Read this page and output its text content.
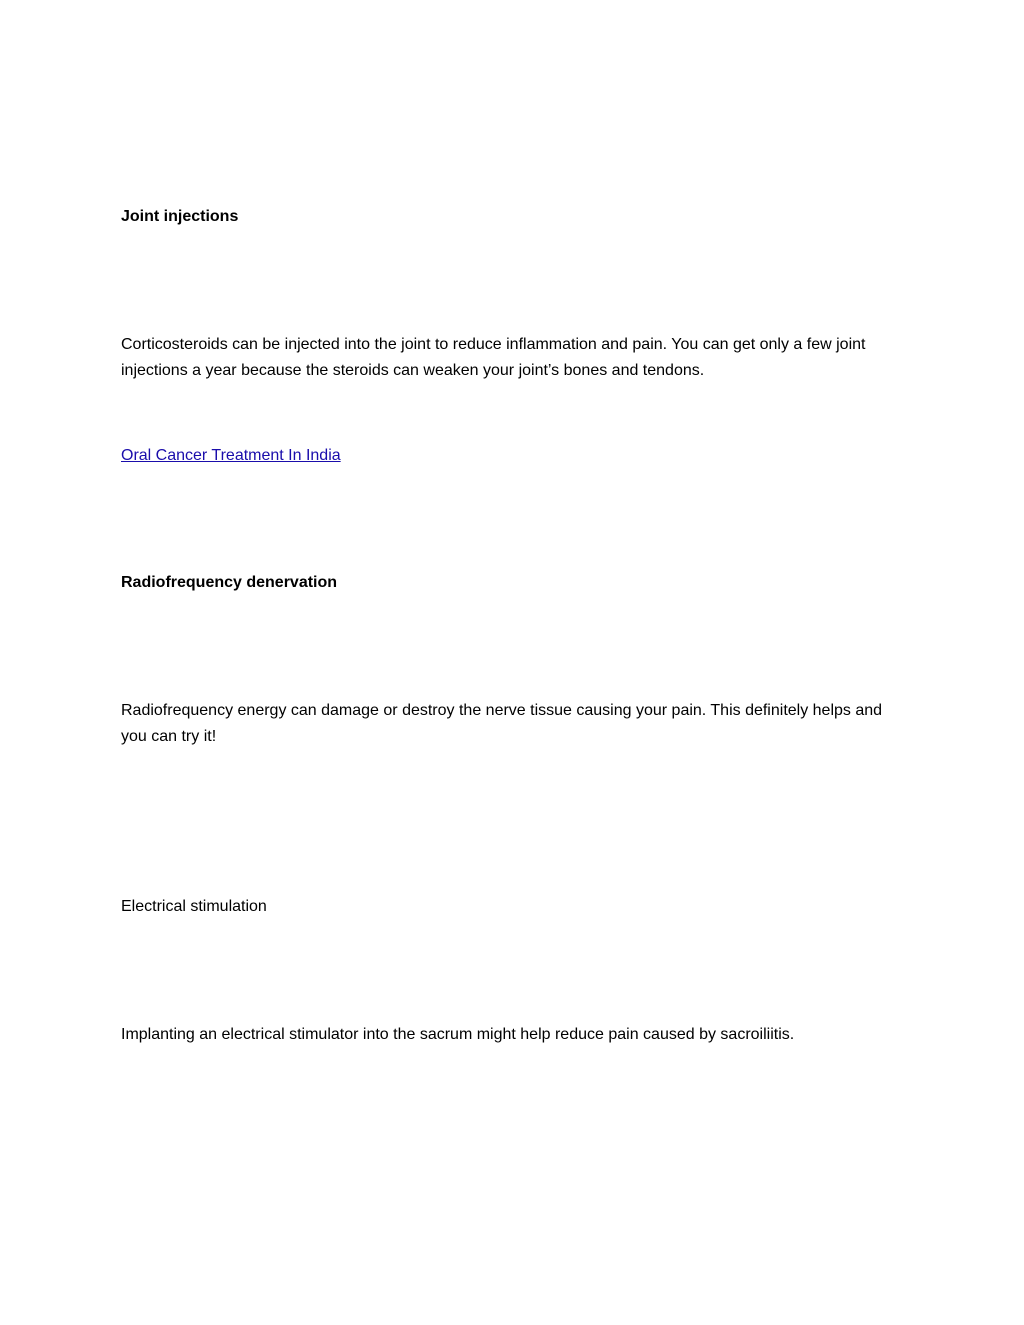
Joint injections

Corticosteroids can be injected into the joint to reduce inflammation and pain. You can get only a few joint injections a year because the steroids can weaken your joint’s bones and tendons.

Oral Cancer Treatment In India

Radiofrequency denervation

Radiofrequency energy can damage or destroy the nerve tissue causing your pain. This definitely helps and you can try it!

Electrical stimulation

Implanting an electrical stimulator into the sacrum might help reduce pain caused by sacroiliitis.
